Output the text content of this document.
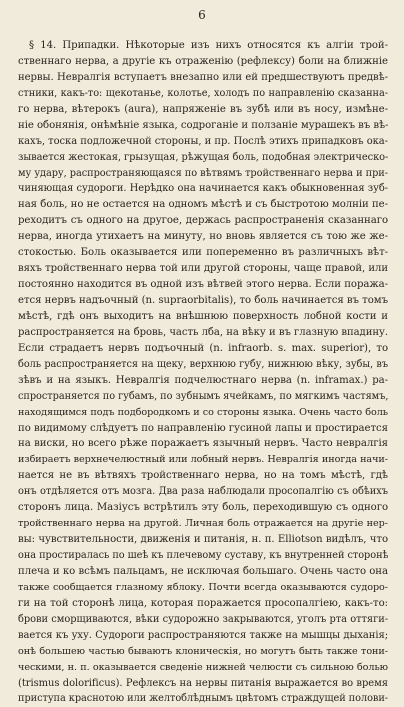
6
§ 14. Припадки. Нѣкоторые изъ нихъ относятся къ алгіи трой-
ственнаго нерва, а другіе къ отраженію (рефлексу) боли на ближніе
нервы. Невралгія вступаетъ внезапно или ей предшествуютъ предвѣ-
стники, какъ-то: щекотанье, колотье, холодъ по направленію сказанна-
го нерва, вѣтерокъ (aura), напряженіе въ зубѣ или въ носу, измѣне-
ніе обонянія, онѣмѣніе языка, содроганіе и ползаніе мурашекъ въ вѣ-
кахъ, тоска подложечной стороны, и пр. Послѣ этихъ припадковъ ока-
зывается жестокая, грызущая, рѣжущая боль, подобная электрическо-
му удару, распространяющаяся по вѣтвямъ тройственнаго нерва и при-
чиняющая судороги. Нерѣдко она начинается какъ обыкновенная зуб-
ная боль, но не остается на одномъ мѣстѣ и съ быстротою молніи пе-
реходитъ съ одного на другое, держась распространенія сказаннаго
нерва, иногда утихаетъ на минуту, но вновь является съ тою же же-
стокостью. Боль оказывается или попеременно въ различныхъ вѣт-
вяхъ тройственнаго нерва той или другой стороны, чаще правой, или
постоянно находится въ одной изъ вѣтвей этого нерва. Если поража-
ется нервъ надъочный (n. supraorbitalis), то боль начинается въ томъ
мѣстѣ, гдѣ онъ выходитъ на внѣшнюю поверхность лобной кости и
распространяется на бровь, часть лба, на вѣку и въ глазную впадину.
Если страдаетъ нервъ подъочный (n. infraorb. s. max. superior), то
боль распространяется на щеку, верхнюю губу, нижнюю вѣку, зубы, въ
зѣвъ и на языкъ. Невралгія подчелюстнаго нерва (n. inframax.) ра-
спространяется по губамъ, по зубнымъ ячейкамъ, по мягкимъ частямъ,
находящимся подъ подбородкомъ и со стороны языка. Очень часто боль
по видимому слѣдуетъ по направленію гусиной лапы и простирается
на виски, но всего рѣже поражаетъ язычный нервъ. Часто невралгія
избираетъ верхнечелюстный или лобный нервъ. Невралгія иногда начи-
нается не въ вѣтвяхъ тройственнаго нерва, но на томъ мѣстѣ, гдѣ
онъ отдѣляется отъ мозга. Два раза наблюдали просопалгію съ обѣихъ
сторонъ лица. Мазіусъ встрѣтилъ эту боль, переходившую съ одного
тройственнаго нерва на другой. Личная боль отражается на другіе нер-
вы: чувствительности, движенія и питанія, н. п. Elliotson видѣлъ, что
она простиралась по шеѣ къ плечевому суставу, къ внутренней сторонѣ
плеча и ко всѣмъ пальцамъ, не исключая большаго. Очень часто она
также сообщается глазному яблоку. Почти всегда оказываются судоро-
ги на той сторонѣ лица, которая поражается просопалгіею, какъ-то:
брови сморщиваются, вѣки судорожно закрываются, уголъ рта оттяги-
вается къ уху. Судороги распространяются также на мышцы дыханія;
онѣ большею частью бываютъ клоническія, но могутъ быть также тони-
ческими, н. п. оказывается сведеніе нижней челюсти съ сильною болью
(trismus dolorificus). Рефлексъ на нервы питанія выражается во время
приступа краснотою или желтоблѣднымъ цвѣтомъ страждущей полови-
